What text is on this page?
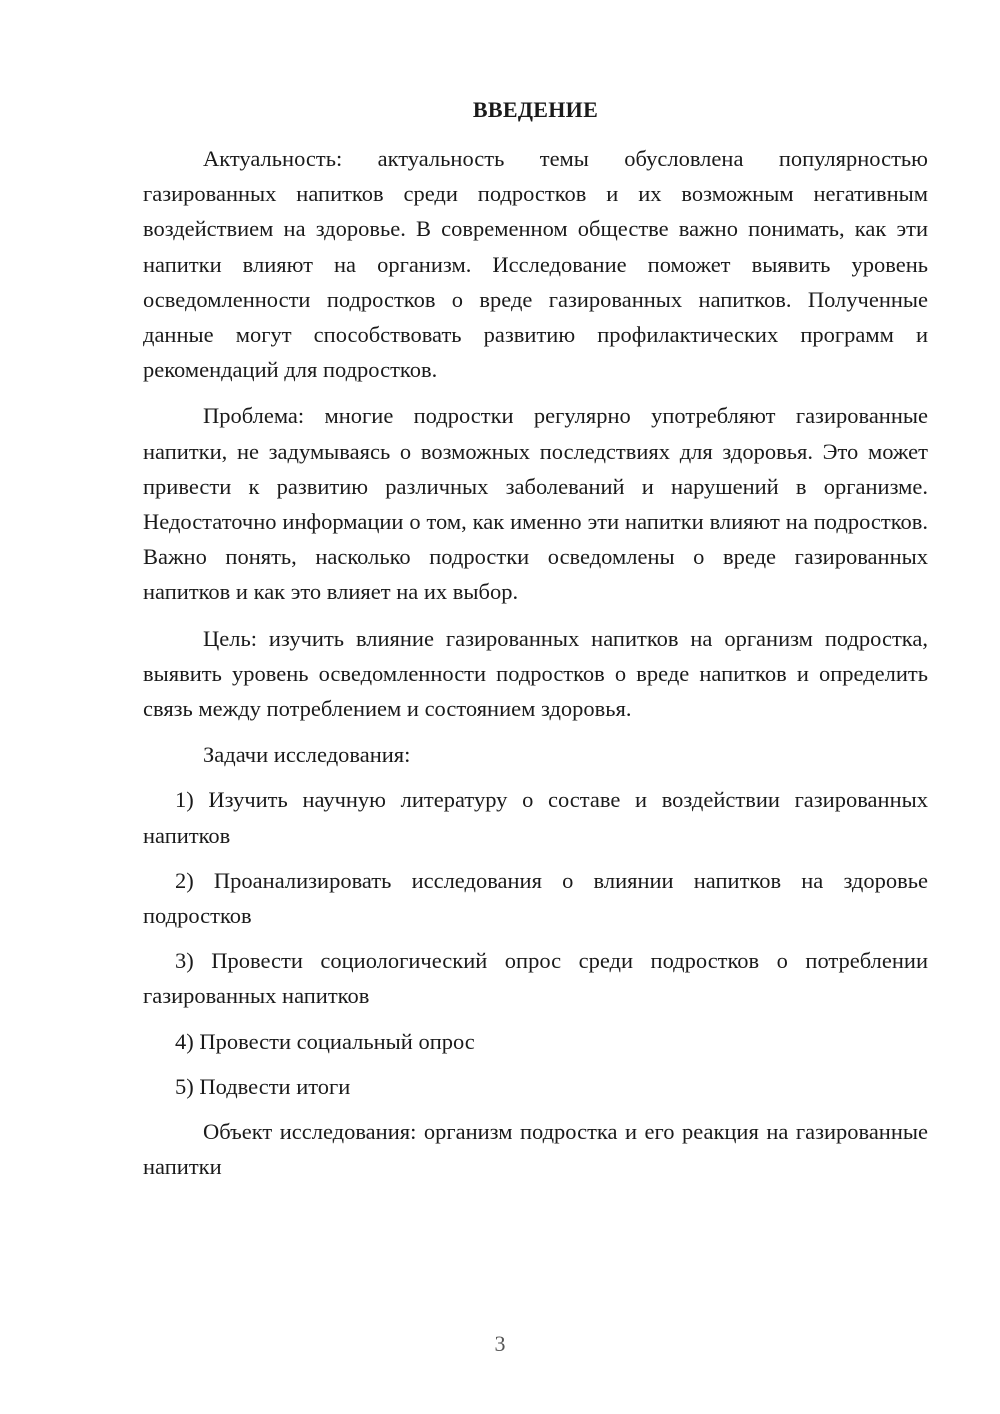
ВВЕДЕНИЕ

Актуальность: актуальность темы обусловлена популярностью газированных напитков среди подростков и их возможным негативным воздействием на здоровье. В современном обществе важно понимать, как эти напитки влияют на организм. Исследование поможет выявить уровень осведомленности подростков о вреде газированных напитков. Полученные данные могут способствовать развитию профилактических программ и рекомендаций для подростков.

Проблема: многие подростки регулярно употребляют газированные напитки, не задумываясь о возможных последствиях для здоровья. Это может привести к развитию различных заболеваний и нарушений в организме. Недостаточно информации о том, как именно эти напитки влияют на подростков. Важно понять, насколько подростки осведомлены о вреде газированных напитков и как это влияет на их выбор.

Цель: изучить влияние газированных напитков на организм подростка, выявить уровень осведомленности подростков о вреде напитков и определить связь между потреблением и состоянием здоровья.

Задачи исследования:

1) Изучить научную литературу о составе и воздействии газированных напитков

2) Проанализировать исследования о влиянии напитков на здоровье подростков

3) Провести социологический опрос среди подростков о потреблении газированных напитков

4) Провести социальный опрос

5) Подвести итоги

Объект исследования: организм подростка и его реакция на газированные напитки

3
